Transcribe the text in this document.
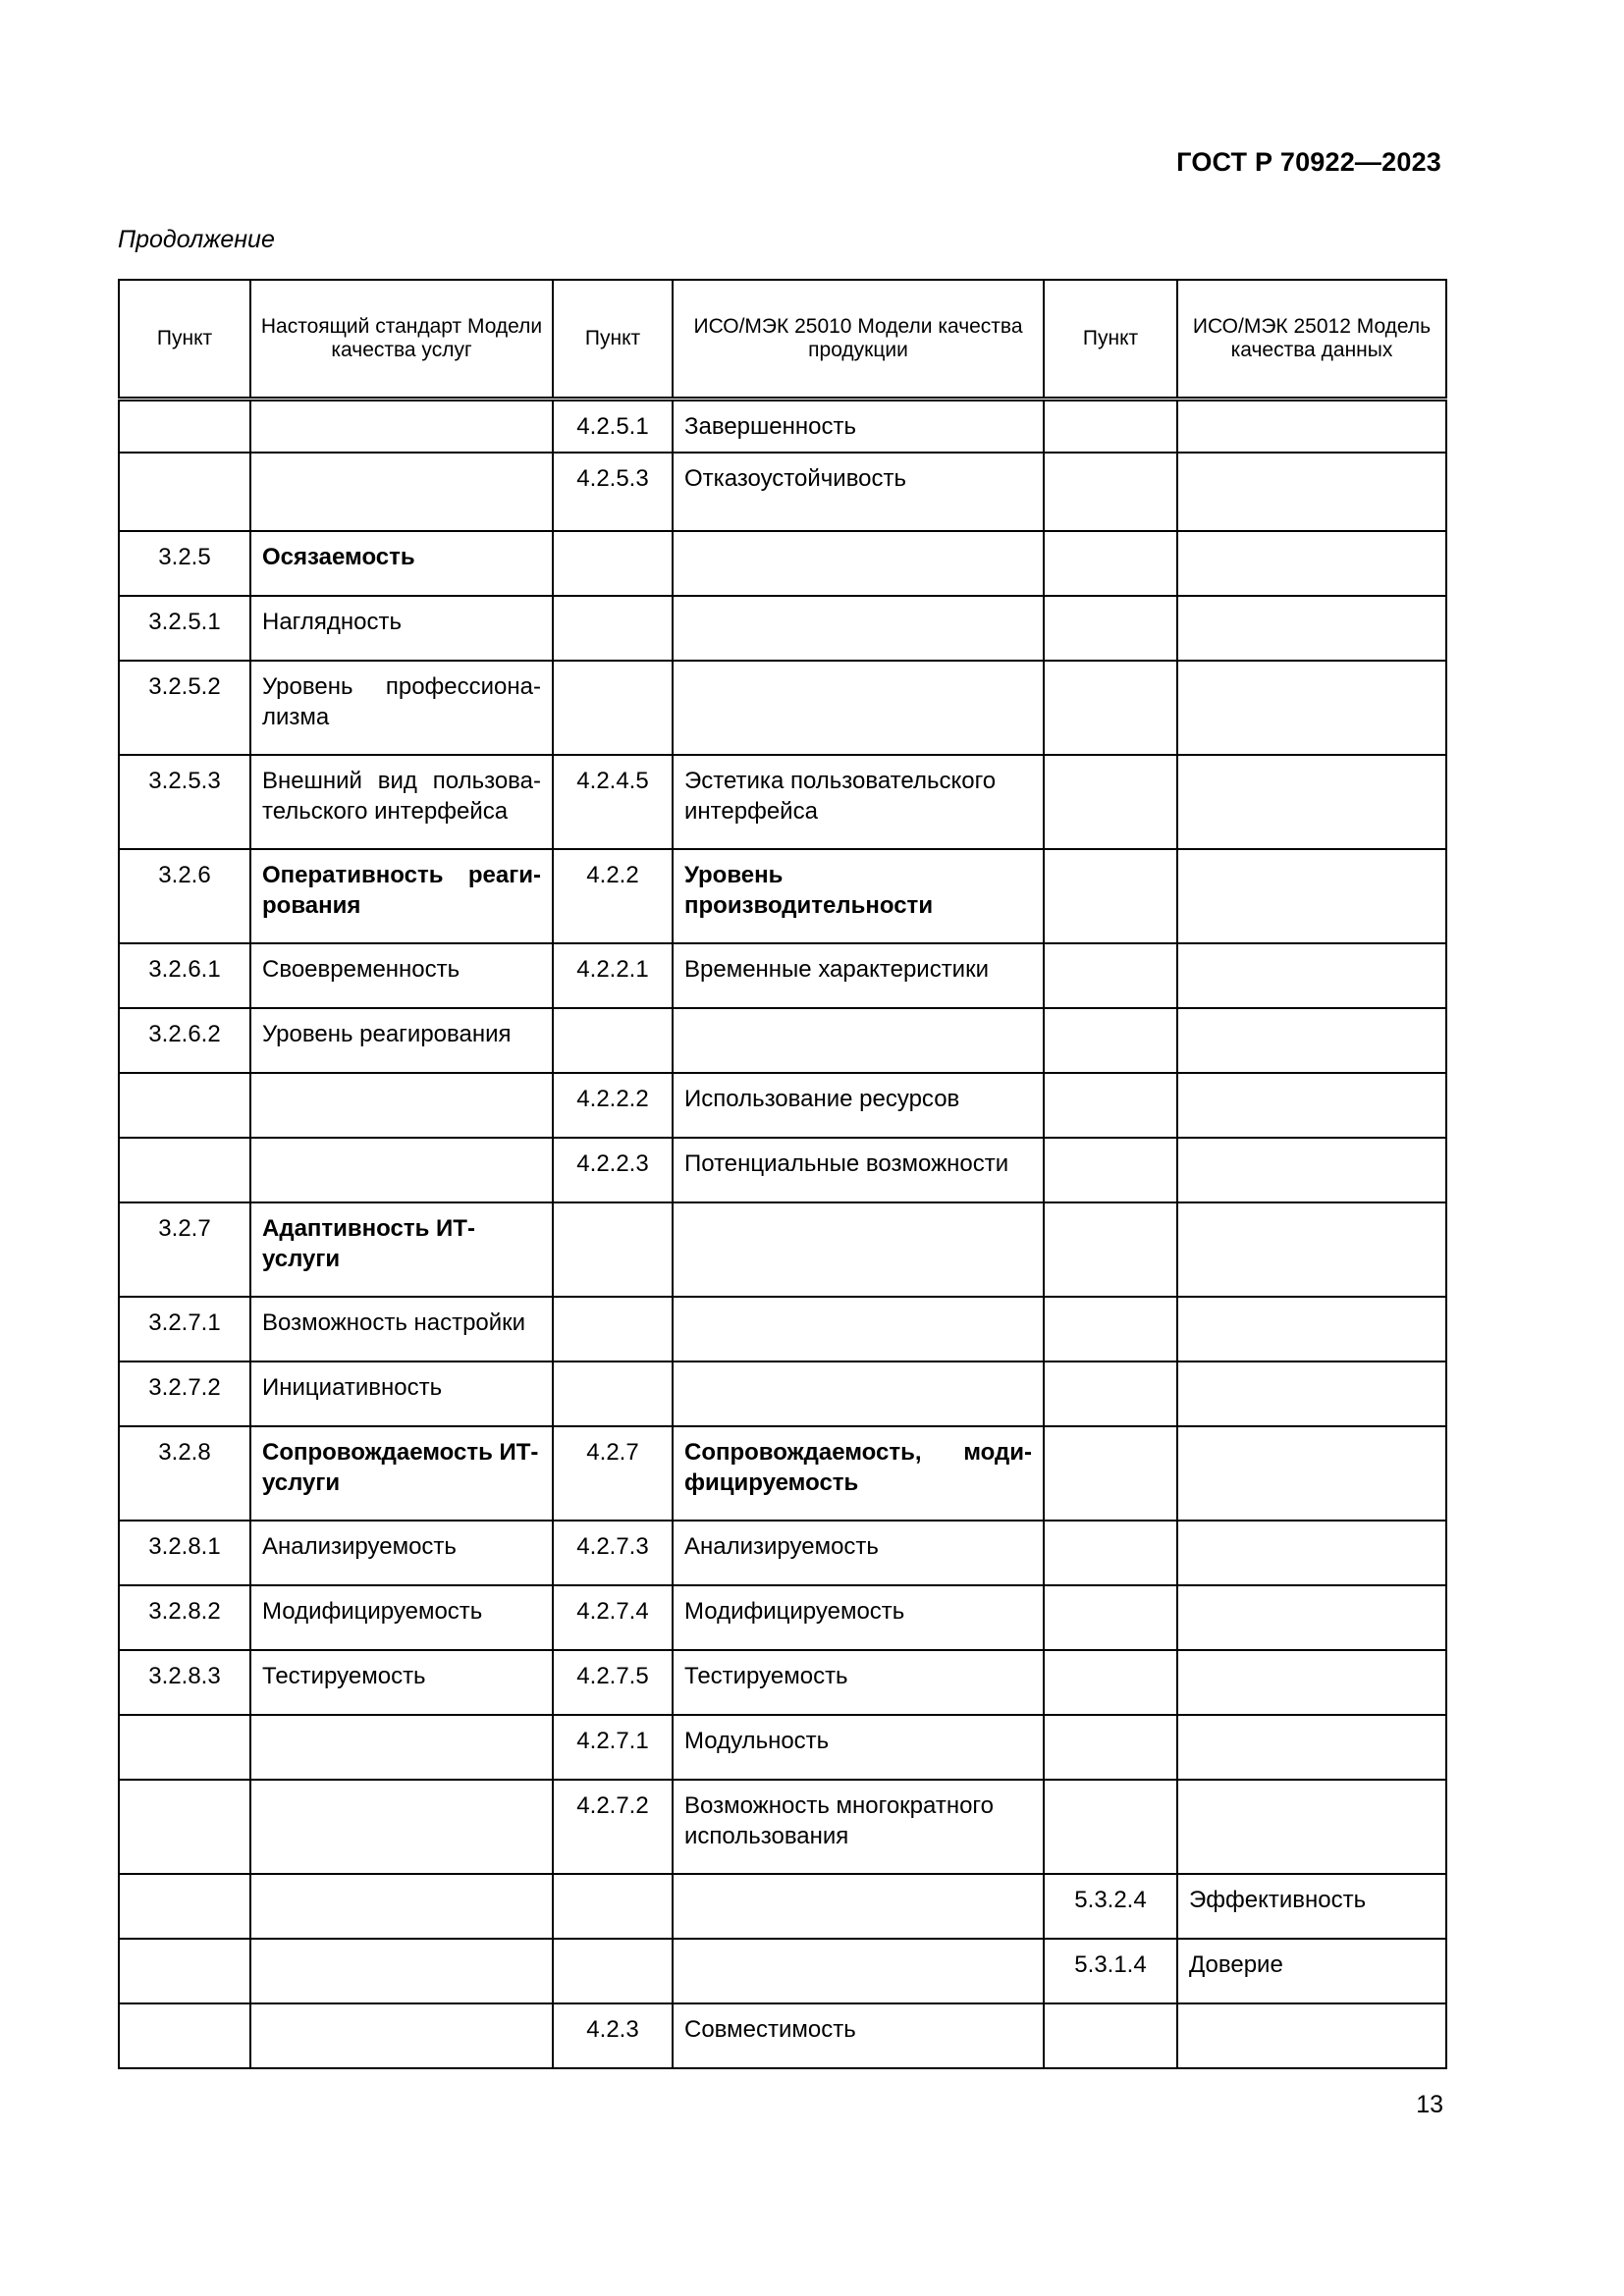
ГОСТ Р 70922—2023
Продолжение
Пункт	Настоящий стандарт Модели качества услуг	Пункт	ИСО/МЭК 25010 Модели качества продукции	Пункт	ИСО/МЭК 25012 Модель качества данных
		4.2.5.1	Завершенность		
		4.2.5.3	Отказоустойчивость		
3.2.5	Осязаемость				
3.2.5.1	Наглядность				
3.2.5.2	Уровень профессиона-лизма				
3.2.5.3	Внешний вид пользова-тельского интерфейса	4.2.4.5	Эстетика пользовательского интерфейса		
3.2.6	Оперативность реаги-рования	4.2.2	Уровень производительности		
3.2.6.1	Своевременность	4.2.2.1	Временные характеристики		
3.2.6.2	Уровень реагирования				
		4.2.2.2	Использование ресурсов		
		4.2.2.3	Потенциальные возможности		
3.2.7	Адаптивность ИТ-услуги				
3.2.7.1	Возможность настройки				
3.2.7.2	Инициативность				
3.2.8	Сопровождаемость ИТ-услуги	4.2.7	Сопровождаемость, моди-фицируемость		
3.2.8.1	Анализируемость	4.2.7.3	Анализируемость		
3.2.8.2	Модифицируемость	4.2.7.4	Модифицируемость		
3.2.8.3	Тестируемость	4.2.7.5	Тестируемость		
		4.2.7.1	Модульность		
		4.2.7.2	Возможность многократного использования		
				5.3.2.4	Эффективность
				5.3.1.4	Доверие
		4.2.3	Совместимость		
13
